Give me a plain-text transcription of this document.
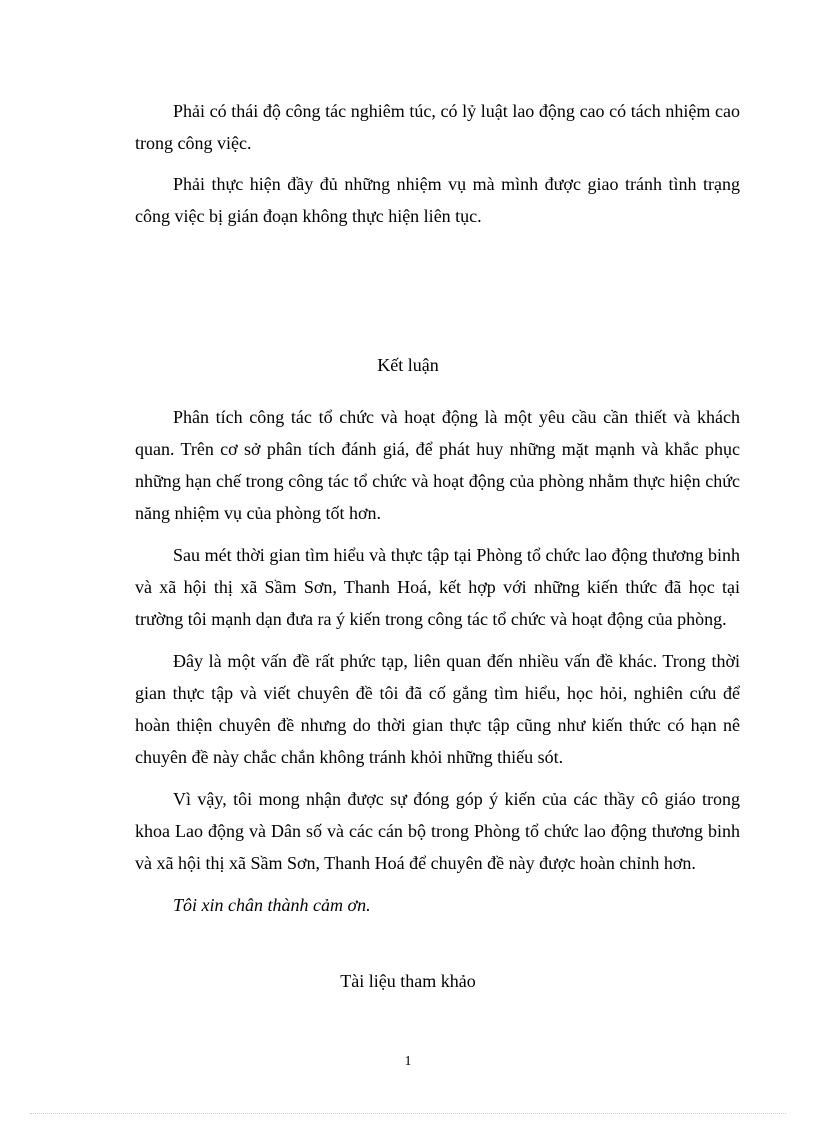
Phải có thái độ công tác nghiêm túc, có lỷ luật lao động cao có tách nhiệm cao trong công việc.

Phải thực hiện đầy đủ những nhiệm vụ mà mình được giao tránh tình trạng công việc bị gián đoạn không thực hiện liên tục.

Kết luận

Phân tích công tác tổ chức và hoạt động là một yêu cầu cần thiết và khách quan. Trên cơ sở phân tích đánh giá, để phát huy những mặt mạnh và khắc phục những hạn chế trong công tác tổ chức và hoạt động của phòng nhằm thực hiện chức năng nhiệm vụ của phòng tốt hơn.

Sau mét thời gian tìm hiểu và thực tập tại Phòng tổ chức lao động thương binh và xã hội thị xã Sầm Sơn, Thanh Hoá, kết hợp với những kiến thức đã học tại trường tôi mạnh dạn đưa ra ý kiến trong công tác tổ chức và hoạt động của phòng.

Đây là một vấn đề rất phức tạp, liên quan đến nhiều vấn đề khác. Trong thời gian thực tập và viết chuyên đề tôi đã cố gắng tìm hiểu, học hỏi, nghiên cứu để hoàn thiện chuyên đề nhưng do thời gian thực tập cũng như kiến thức có hạn nê chuyên đề này chắc chắn không tránh khỏi những thiếu sót.

Vì vậy, tôi mong nhận được sự đóng góp ý kiến của các thầy cô giáo trong khoa Lao động và Dân số và các cán bộ trong Phòng tổ chức lao động thương binh và xã hội thị xã Sầm Sơn, Thanh Hoá để chuyên đề này được hoàn chỉnh hơn.

Tôi xin chân thành cảm ơn.

Tài liệu tham khảo
1
